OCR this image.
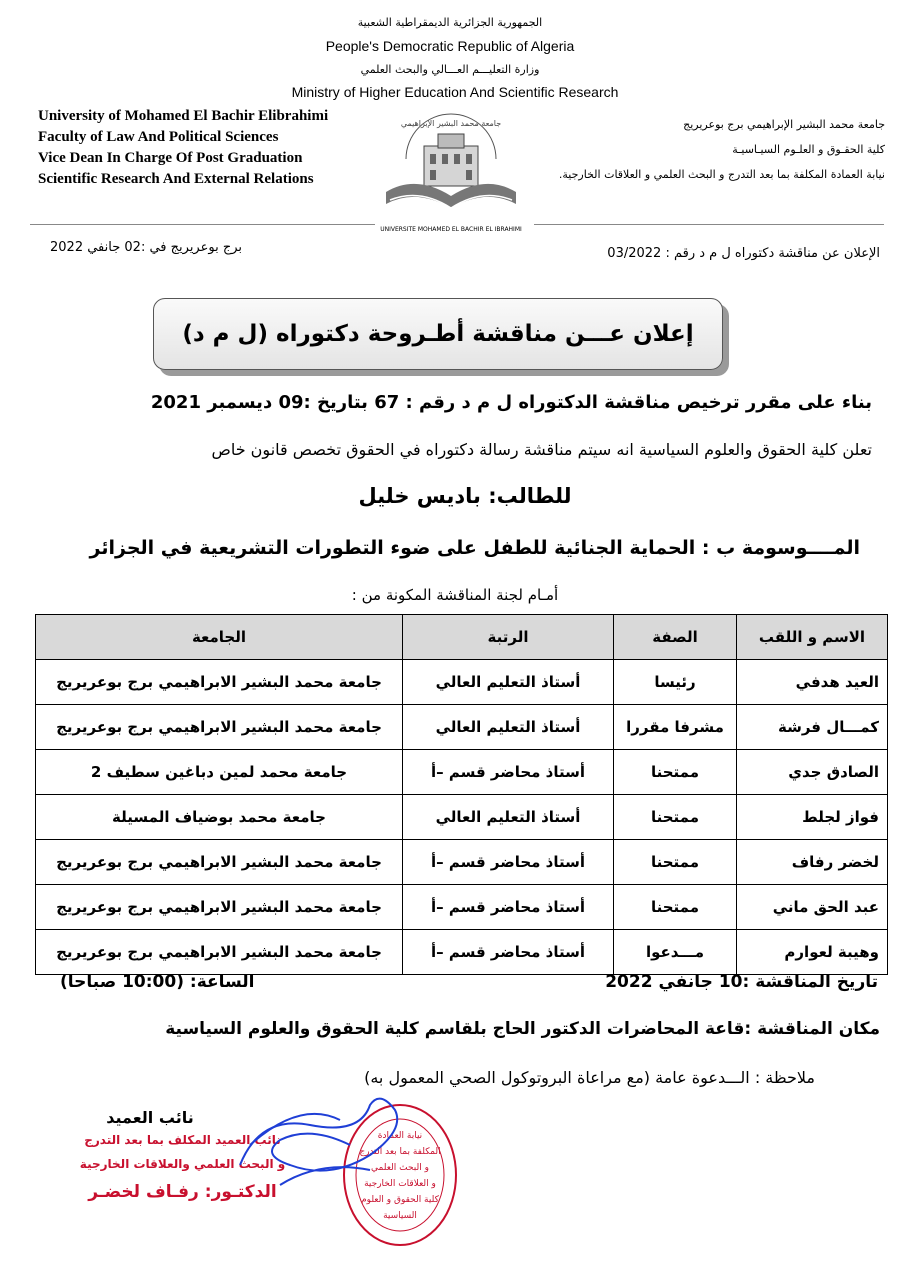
الجمهورية الجزائرية الديمقراطية الشعبية
People's Democratic Republic of Algeria
وزارة التعليـــم العـــالي والبحث العلمي
Ministry of Higher Education And Scientific Research
University of Mohamed El Bachir Elibrahimi
Faculty of Law And Political Sciences
Vice Dean In Charge Of Post Graduation
Scientific Research And External Relations
جامعة محمد البشير الإبراهيمي
UNIVERSITE MOHAMED EL BACHIR EL IBRAHIMI
جامعة محمد البشير الإبراهيمي برج بوعريريج
كلية الحقـوق و العلـوم السيـاسيـة
نيابة العمادة المكلفة بما بعد التدرج و البحث العلمي و العلاقات الخارجية.
الإعلان عن مناقشة دكتوراه ل م د رقم : 03/2022
برج بوعريريج في :02 جانفي 2022
إعلان عـــن مناقشة أطـروحة دكتوراه (ل م د)
بناء على مقرر ترخيص مناقشة الدكتوراه ل م د رقم : 67 بتاريخ :09 ديسمبر 2021
تعلن كلية الحقوق والعلوم السياسية انه سيتم مناقشة رسالة دكتوراه في الحقوق تخصص قانون خاص
للطالب: باديس خليل
المــــوسومة ب : الحماية الجنائية للطفل على ضوء التطورات التشريعية في الجزائر
أمـام لجنة المناقشة المكونة من :
الاسم و اللقب	الصفة	الرتبة	الجامعة
العيد هدفي	رئيسا	أستاذ التعليم العالي	جامعة محمد البشير الابراهيمي برج بوعريريج
كمـــال فرشة	مشرفا مقررا	أستاذ التعليم العالي	جامعة محمد البشير الابراهيمي برج بوعريريج
الصادق جدي	ممتحنا	أستاذ محاضر قسم –أ	جامعة محمد لمين دباغين سطيف 2
فواز لجلط	ممتحنا	أستاذ التعليم العالي	جامعة محمد بوضياف المسيلة
لخضر رفاف	ممتحنا	أستاذ محاضر قسم –أ	جامعة محمد البشير الابراهيمي برج بوعريريج
عبد الحق ماني	ممتحنا	أستاذ محاضر قسم –أ	جامعة محمد البشير الابراهيمي برج بوعريريج
وهيبة لعوارم	مـــدعوا	أستاذ محاضر قسم –أ	جامعة محمد البشير الابراهيمي برج بوعريريج
تاريخ المناقشة :10 جانفي 2022
الساعة: (10:00 صباحا)
مكان المناقشة :قاعة المحاضرات الدكتور الحاج بلقاسم كلية الحقوق والعلوم السياسية
ملاحظة : الـــدعوة عامة (مع مراعاة البروتوكول الصحي المعمول به)
نائب العميد
نائب العميد المكلف بما بعد التدرج
و البحث العلمي والعلاقات الخارجية
الدكتـور: رفـاف لخضـر
نيابة العمادة
المكلفة بما بعد التدرج
و البحث العلمي
و العلاقات الخارجية
كلية الحقوق و العلوم السياسية
